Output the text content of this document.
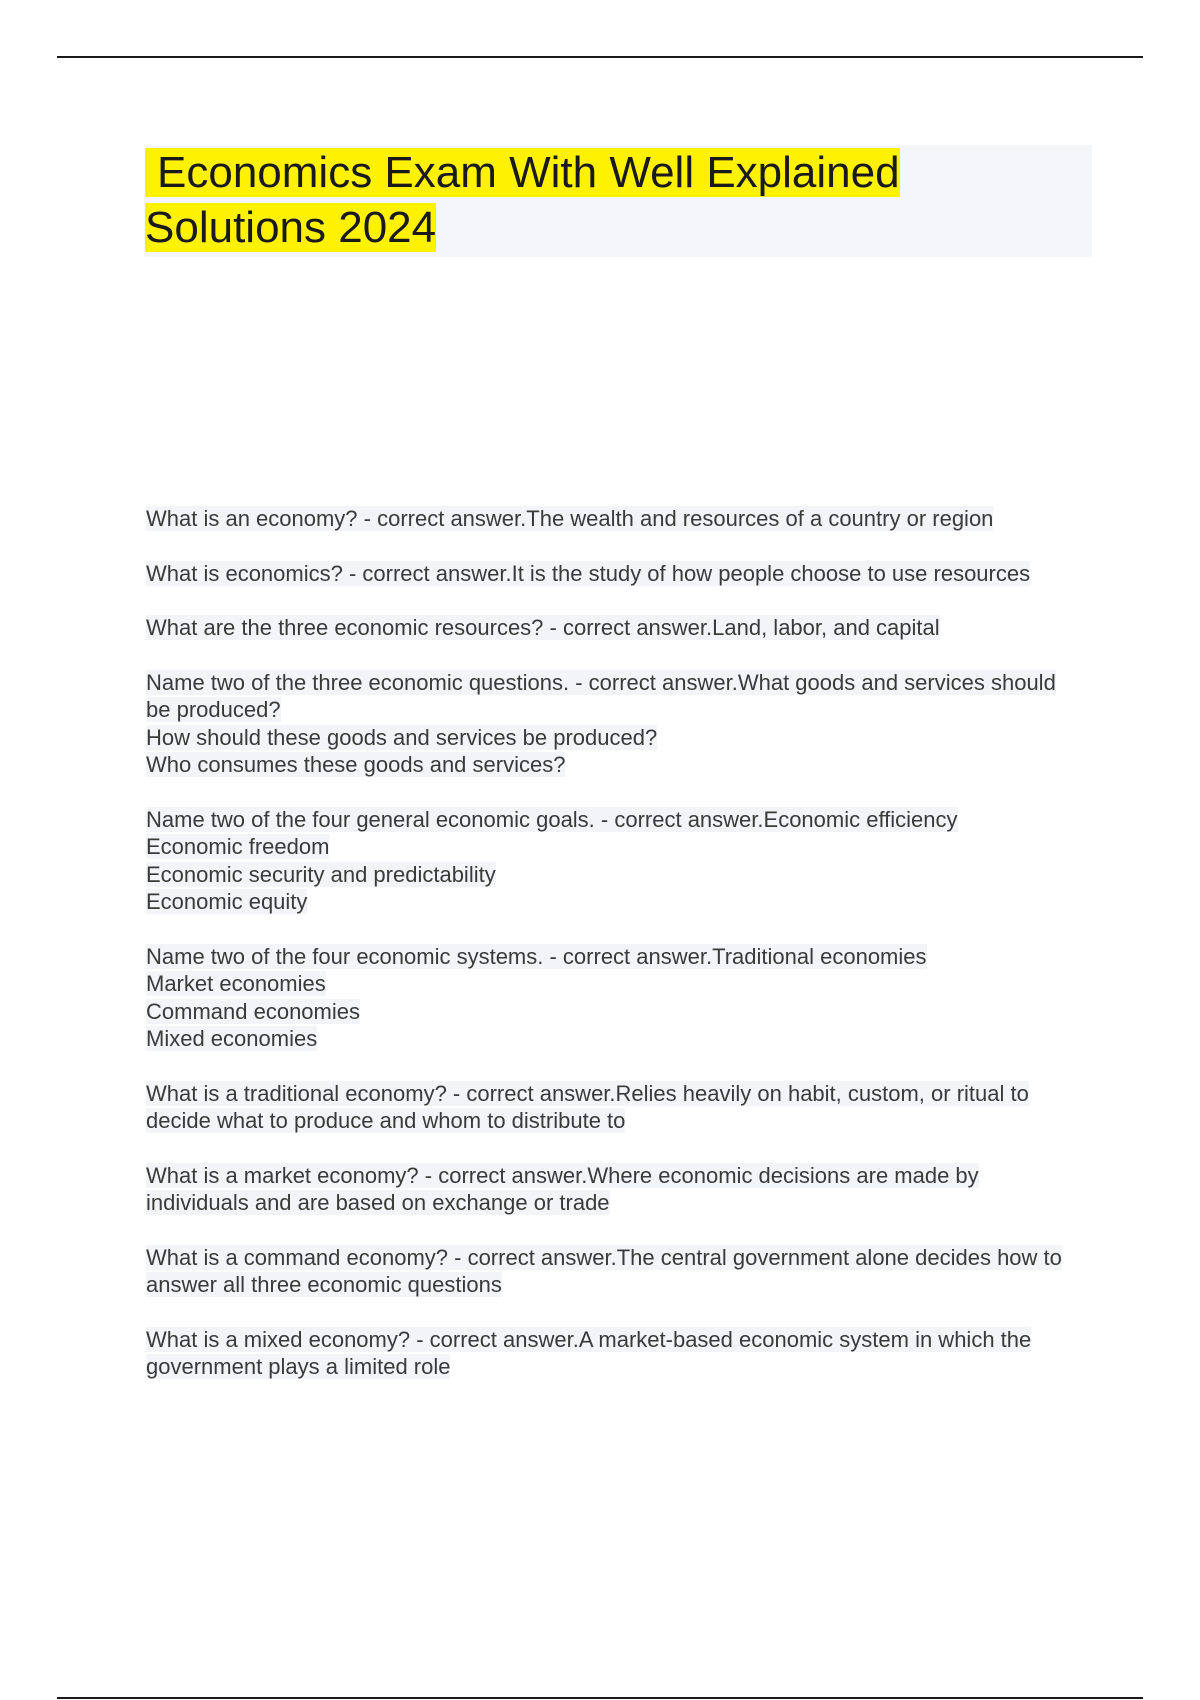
Economics Exam With Well Explained Solutions 2024

What is an economy? - correct answer.The wealth and resources of a country or region

What is economics? - correct answer.It is the study of how people choose to use resources

What are the three economic resources? - correct answer.Land, labor, and capital

Name two of the three economic questions. - correct answer.What goods and services should be produced?
How should these goods and services be produced?
Who consumes these goods and services?

Name two of the four general economic goals. - correct answer.Economic efficiency
Economic freedom
Economic security and predictability
Economic equity

Name two of the four economic systems. - correct answer.Traditional economies
Market economies
Command economies
Mixed economies

What is a traditional economy? - correct answer.Relies heavily on habit, custom, or ritual to decide what to produce and whom to distribute to

What is a market economy? - correct answer.Where economic decisions are made by individuals and are based on exchange or trade

What is a command economy? - correct answer.The central government alone decides how to answer all three economic questions

What is a mixed economy? - correct answer.A market-based economic system in which the government plays a limited role
